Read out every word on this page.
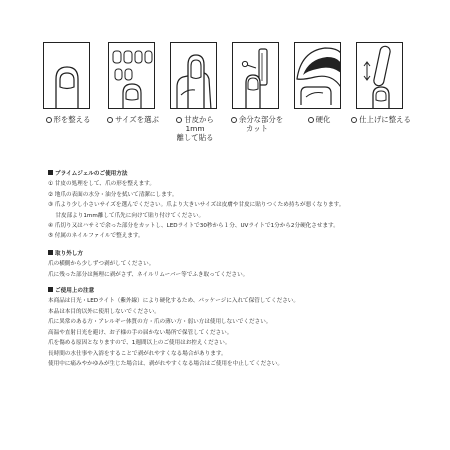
形を整える	サイズを選ぶ	甘皮から
1mm
離して貼る
余分な部分を
カット
硬化	仕上げに整える
プライムジェルのご使用方法
① 甘皮の処理をして、爪の形を整えます。
② 地爪の表面の水分・油分を拭いて清潔にします。
③ 爪より少し小さいサイズを選んでください。爪より大きいサイズは皮膚や甘皮に貼りつくため持ちが悪くなります。
　 甘皮部より1mm離して爪先に向けて貼り付けてください。
④ 爪切り又はハサミで余った部分をカットし、LEDライトで30秒から１分、UVライトで1分から2分硬化させます。
⑤ 付属のネイルファイルで整えます。
取り外し方
爪の横側から少しずつ剥がしてください。
爪に残った部分は無理に剥がさず、ネイルリムーバー等でふき取ってください。
ご使用上の注意
本商品は日光・LEDライト（紫外線）により硬化するため、パッケージに入れて保管してください。
本品は本目的以外に使用しないでください。
爪に異常のある方・アレルギー体質の方・爪の薄い方・弱い方は使用しないでください。
高温や直射日光を避け、お子様の手の届かない場所で保管してください。
爪を傷める原因となりますので、1週間以上のご使用はお控えください。
長時間の水仕事や入浴をすることで剥がれやすくなる場合があります。
使用中に痛みやかゆみが生じた場合は、剥がれやすくなる場合はご使用を中止してください。
